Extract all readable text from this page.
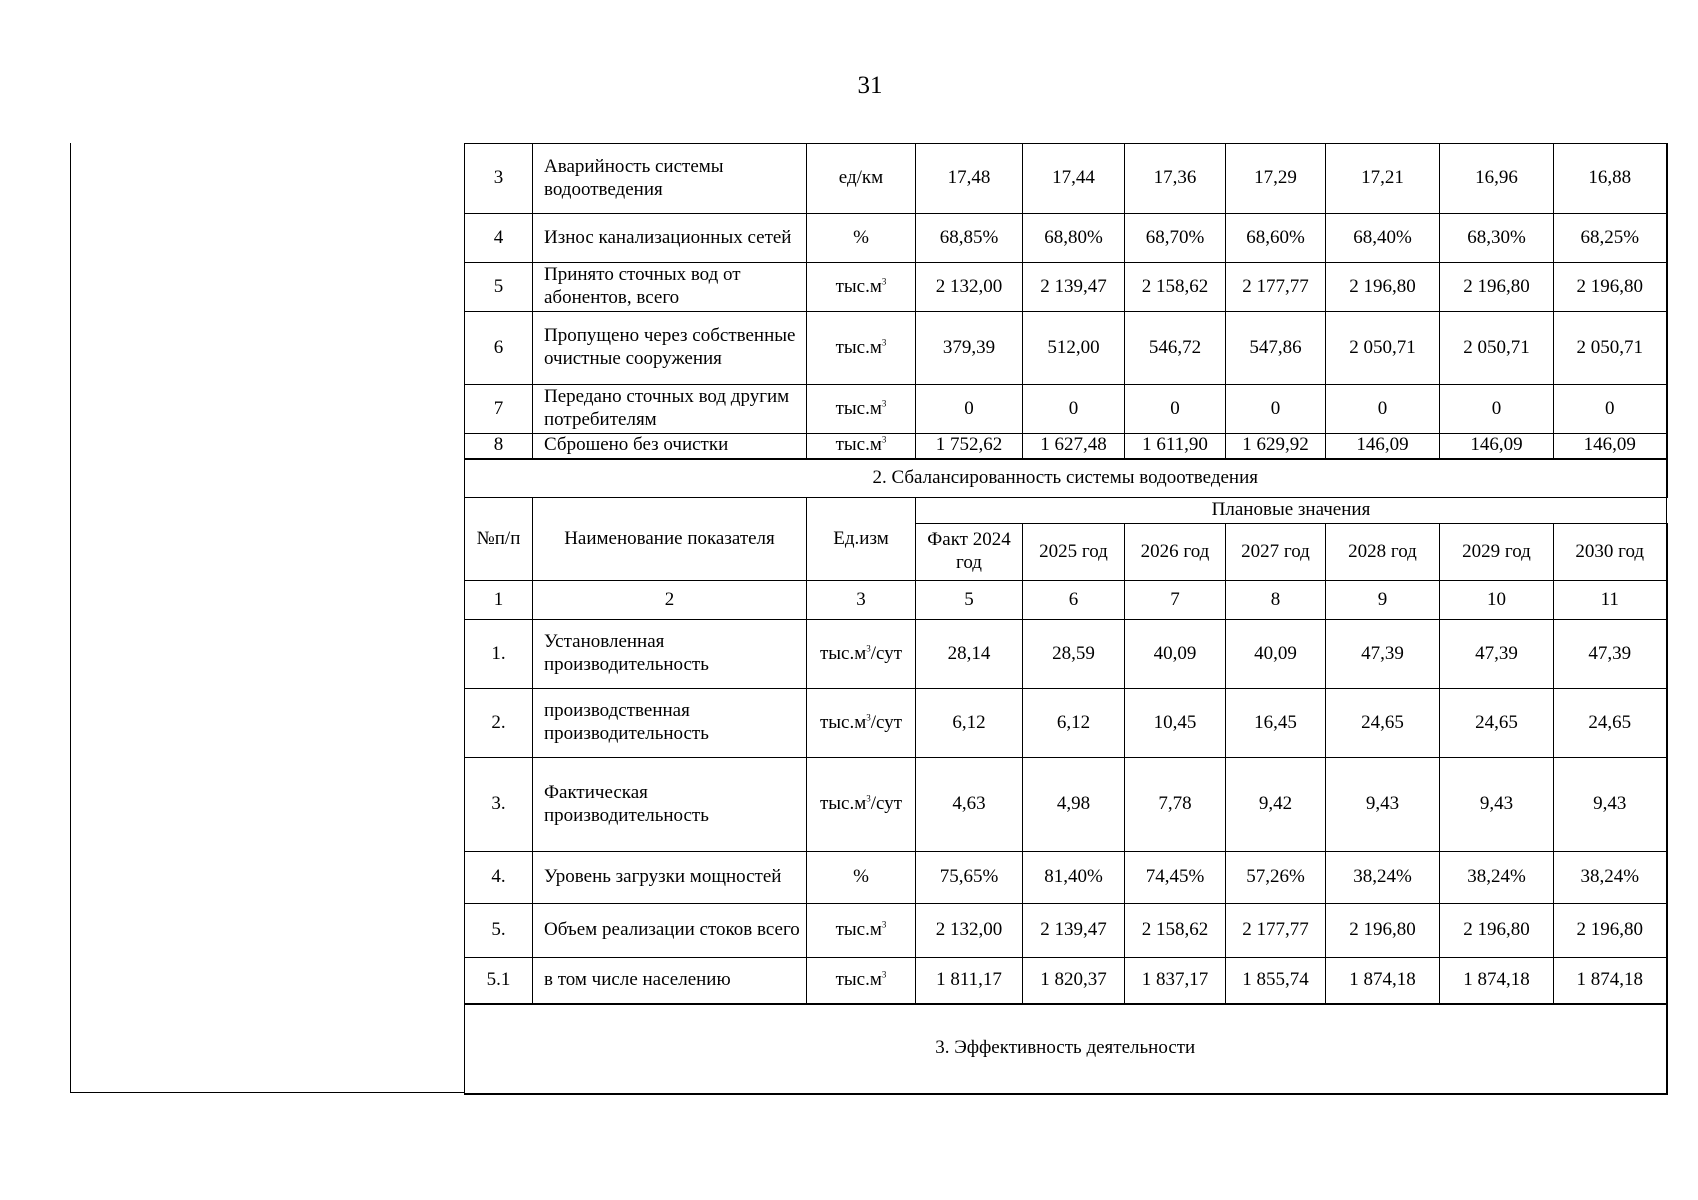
31
3	Аварийность системы водоотведения	ед/км	17,48	17,44	17,36	17,29	17,21	16,96	16,88
4	Износ канализационных сетей	%	68,85%	68,80%	68,70%	68,60%	68,40%	68,30%	68,25%
5	Принято сточных вод от абонентов, всего	$тыс.м^3$	2 132,00	2 139,47	2 158,62	2 177,77	2 196,80	2 196,80	2 196,80
6	Пропущено через собственные очистные сооружения	$тыс.м^3$	379,39	512,00	546,72	547,86	2 050,71	2 050,71	2 050,71
7	Передано сточных вод другим потребителям	$тыс.м^3$	0	0	0	0	0	0	0
8	Сброшено без очистки	$тыс.м^3$	1 752,62	1 627,48	1 611,90	1 629,92	146,09	146,09	146,09
2. Сбалансированность системы водоотведения									
№п/п	Наименование показателя	Ед.изм	Плановые значения						
			Факт 2024 год	2025 год	2026 год	2027 год	2028 год	2029 год	2030 год
1	2	3	5	6	7	8	9	10	11
1.	Установленная производительность	$тыс.м^3$/сут	28,14	28,59	40,09	40,09	47,39	47,39	47,39
2.	производственная производительность	$тыс.м^3$/сут	6,12	6,12	10,45	16,45	24,65	24,65	24,65
3.	Фактическая производительность	$тыс.м^3$/сут	4,63	4,98	7,78	9,42	9,43	9,43	9,43
4.	Уровень загрузки мощностей	%	75,65%	81,40%	74,45%	57,26%	38,24%	38,24%	38,24%
5.	Объем реализации стоков всего	$тыс.м^3$	2 132,00	2 139,47	2 158,62	2 177,77	2 196,80	2 196,80	2 196,80
5.1	в том числе населению	$тыс.м^3$	1 811,17	1 820,37	1 837,17	1 855,74	1 874,18	1 874,18	1 874,18
3. Эффективность деятельности									
